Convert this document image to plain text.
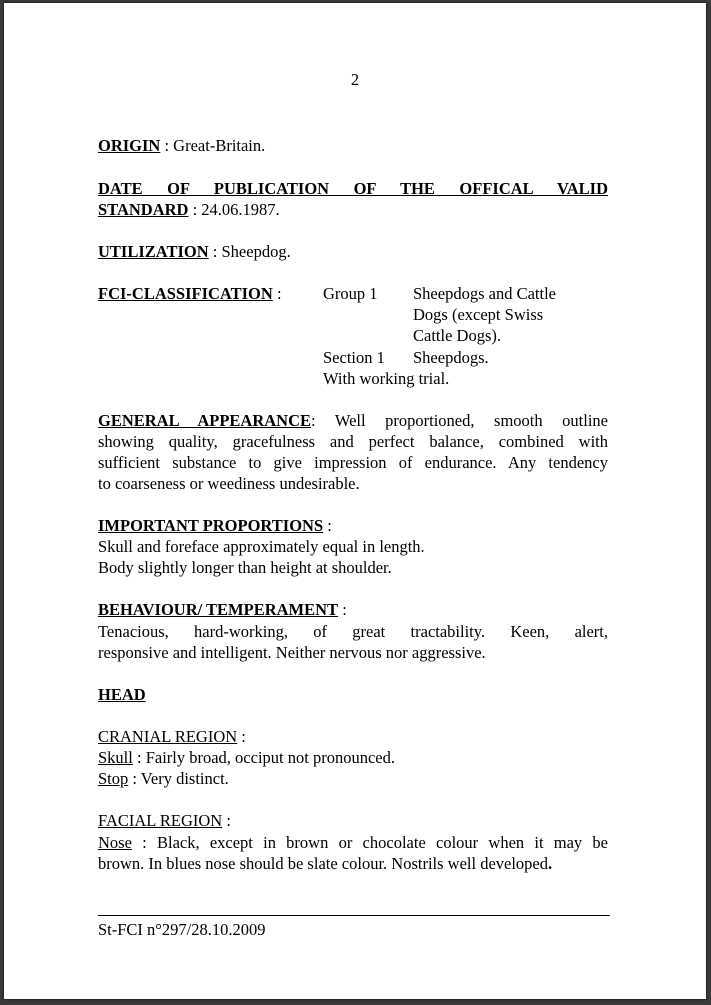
2
ORIGIN : Great-Britain.
DATE OF PUBLICATION OF THE OFFICAL VALID
STANDARD : 24.06.1987.
UTILIZATION : Sheepdog.
FCI-CLASSIFICATION :	Group 1 Sheepdogs and Cattle
Dogs (except Swiss
Cattle Dogs).
Section 1 Sheepdogs.
With working trial.
GENERAL APPEARANCE: Well proportioned, smooth outline
showing quality, gracefulness and perfect balance, combined with
sufficient substance to give impression of endurance. Any tendency
to coarseness or weediness undesirable.
IMPORTANT PROPORTIONS :
Skull and foreface approximately equal in length.
Body slightly longer than height at shoulder.
BEHAVIOUR/ TEMPERAMENT :
Tenacious, hard-working, of great tractability. Keen, alert,
responsive and intelligent. Neither nervous nor aggressive.
HEAD
CRANIAL REGION :
Skull : Fairly broad, occiput not pronounced.
Stop : Very distinct.
FACIAL REGION :
Nose : Black, except in brown or chocolate colour when it may be
brown. In blues nose should be slate colour. Nostrils well developed.
St-FCI n°297/28.10.2009
